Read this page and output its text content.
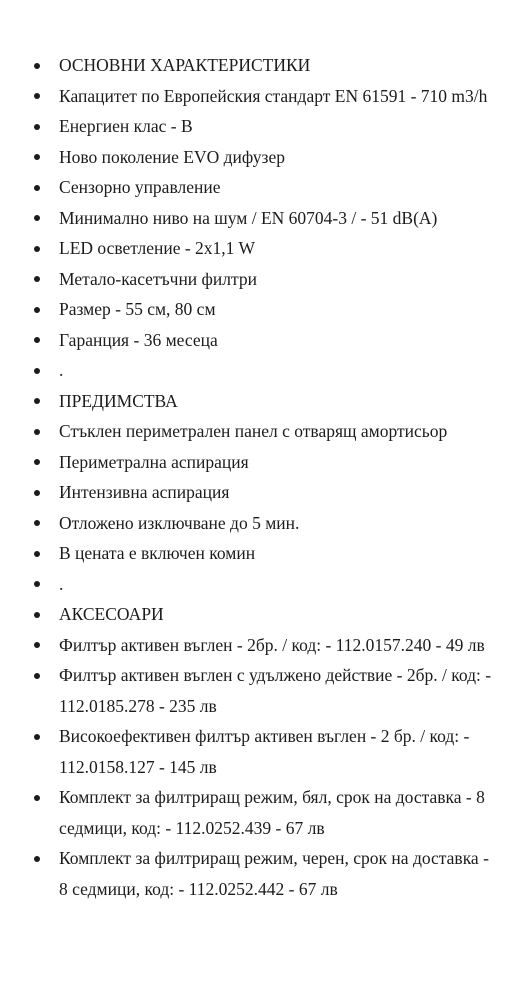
ОСНОВНИ ХАРАКТЕРИСТИКИ
Капацитет по Европейския стандарт EN 61591 - 710 m3/h
Енергиен клас - B
Ново поколение EVO дифузер
Сензорно управление
Минимално ниво на шум / EN 60704-3 / - 51 dB(A)
LED осветление - 2x1,1 W
Метало-касетъчни филтри
Размер - 55 см, 80 см
Гаранция - 36 месеца
.
ПРЕДИМСТВА
Стъклен периметрален панел с отварящ амортисьор
Периметрална аспирация
Интензивна аспирация
Отложено изключване до 5 мин.
В цената е включен комин
.
АКСЕСОАРИ
Филтър активен въглен - 2бр. / код: - 112.0157.240 - 49 лв
Филтър активен въглен с удължено действие - 2бр. / код: - 112.0185.278 - 235 лв
Високоефективен филтър активен въглен - 2 бр. / код: - 112.0158.127 - 145 лв
Комплект за филтриращ режим, бял, срок на доставка - 8 седмици, код: - 112.0252.439 - 67 лв
Комплект за филтриращ режим, черен, срок на доставка - 8 седмици, код: - 112.0252.442 - 67 лв
